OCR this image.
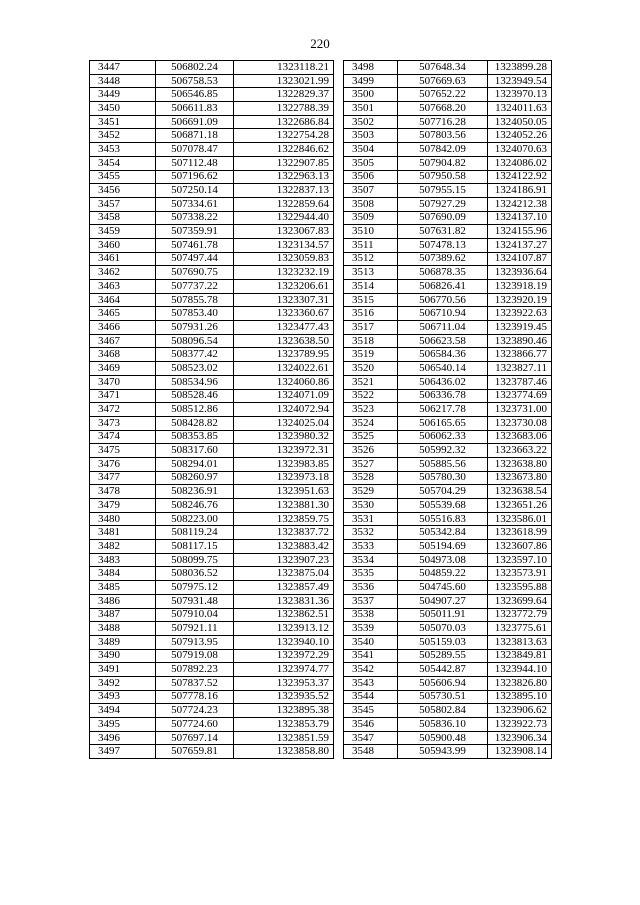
220
3447	506802.24	1323118.21
3448	506758.53	1323021.99
3449	506546.85	1322829.37
3450	506611.83	1322788.39
3451	506691.09	1322686.84
3452	506871.18	1322754.28
3453	507078.47	1322846.62
3454	507112.48	1322907.85
3455	507196.62	1322963.13
3456	507250.14	1322837.13
3457	507334.61	1322859.64
3458	507338.22	1322944.40
3459	507359.91	1323067.83
3460	507461.78	1323134.57
3461	507497.44	1323059.83
3462	507690.75	1323232.19
3463	507737.22	1323206.61
3464	507855.78	1323307.31
3465	507853.40	1323360.67
3466	507931.26	1323477.43
3467	508096.54	1323638.50
3468	508377.42	1323789.95
3469	508523.02	1324022.61
3470	508534.96	1324060.86
3471	508528.46	1324071.09
3472	508512.86	1324072.94
3473	508428.82	1324025.04
3474	508353.85	1323980.32
3475	508317.60	1323972.31
3476	508294.01	1323983.85
3477	508260.97	1323973.18
3478	508236.91	1323951.63
3479	508246.76	1323881.30
3480	508223.00	1323859.75
3481	508119.24	1323837.72
3482	508117.15	1323883.42
3483	508099.75	1323907.23
3484	508036.52	1323875.04
3485	507975.12	1323857.49
3486	507931.48	1323831.36
3487	507910.04	1323862.51
3488	507921.11	1323913.12
3489	507913.95	1323940.10
3490	507919.08	1323972.29
3491	507892.23	1323974.77
3492	507837.52	1323953.37
3493	507778.16	1323935.52
3494	507724.23	1323895.38
3495	507724.60	1323853.79
3496	507697.14	1323851.59
3497	507659.81	1323858.80
3498	507648.34	1323899.28
3499	507669.63	1323949.54
3500	507652.22	1323970.13
3501	507668.20	1324011.63
3502	507716.28	1324050.05
3503	507803.56	1324052.26
3504	507842.09	1324070.63
3505	507904.82	1324086.02
3506	507950.58	1324122.92
3507	507955.15	1324186.91
3508	507927.29	1324212.38
3509	507690.09	1324137.10
3510	507631.82	1324155.96
3511	507478.13	1324137.27
3512	507389.62	1324107.87
3513	506878.35	1323936.64
3514	506826.41	1323918.19
3515	506770.56	1323920.19
3516	506710.94	1323922.63
3517	506711.04	1323919.45
3518	506623.58	1323890.46
3519	506584.36	1323866.77
3520	506540.14	1323827.11
3521	506436.02	1323787.46
3522	506336.78	1323774.69
3523	506217.78	1323731.00
3524	506165.65	1323730.08
3525	506062.33	1323683.06
3526	505992.32	1323663.22
3527	505885.56	1323638.80
3528	505780.30	1323673.80
3529	505704.29	1323638.54
3530	505539.68	1323651.26
3531	505516.83	1323586.01
3532	505342.84	1323618.99
3533	505194.69	1323607.86
3534	504973.08	1323597.10
3535	504859.22	1323573.91
3536	504745.60	1323595.88
3537	504907.27	1323699.64
3538	505011.91	1323772.79
3539	505070.03	1323775.61
3540	505159.03	1323813.63
3541	505289.55	1323849.81
3542	505442.87	1323944.10
3543	505606.94	1323826.80
3544	505730.51	1323895.10
3545	505802.84	1323906.62
3546	505836.10	1323922.73
3547	505900.48	1323906.34
3548	505943.99	1323908.14
